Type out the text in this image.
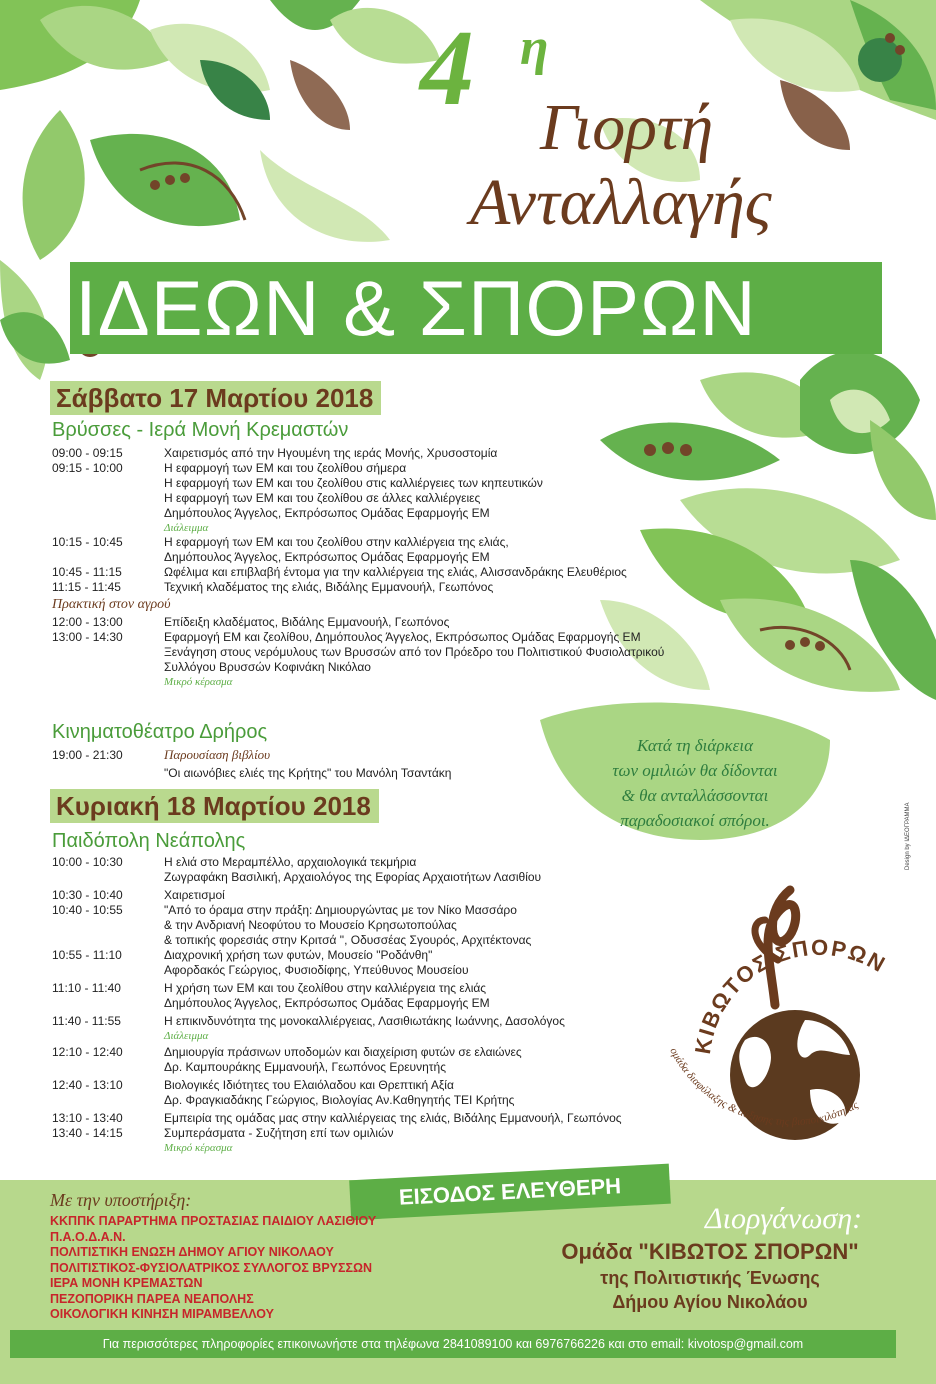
4 η
Γιορτή
Ανταλλαγής
ΙΔΕΩΝ & ΣΠΟΡΩΝ
Σάββατο 17 Μαρτίου 2018
Βρύσσες - Ιερά Μονή Κρεμαστών
09:00 - 09:15	Χαιρετισμός από την Ηγουμένη της ιεράς Μονής, Χρυσοστομία
09:15 - 10:00	Η εφαρμογή των ΕΜ και του ζεολίθου σήμερα
Η εφαρμογή των ΕΜ και του ζεολίθου στις καλλιέργειες των κηπευτικών
Η εφαρμογή των ΕΜ και του ζεολίθου σε άλλες καλλιέργειες
Δημόπουλος Άγγελος, Εκπρόσωπος Ομάδας Εφαρμογής ΕΜ
Διάλειμμα
10:15 - 10:45	Η εφαρμογή των ΕΜ και του ζεολίθου στην καλλιέργεια της ελιάς,
Δημόπουλος Άγγελος, Εκπρόσωπος Ομάδας Εφαρμογής ΕΜ
10:45 - 11:15	Ωφέλιμα και επιβλαβή έντομα για την καλλιέργεια της ελιάς, Αλισσανδράκης Ελευθέριος
11:15 - 11:45	Τεχνική κλαδέματος της ελιάς, Βιδάλης Εμμανουήλ, Γεωπόνος
Πρακτική στον αγρού
12:00 - 13:00	Επίδειξη κλαδέματος, Βιδάλης Εμμανουήλ, Γεωπόνος
13:00 - 14:30	Εφαρμογή ΕΜ και ζεολίθου, Δημόπουλος Άγγελος, Εκπρόσωπος Ομάδας Εφαρμογής ΕΜ
Ξενάγηση στους νερόμυλους των Βρυσσών από τον Πρόεδρο του Πολιτιστικού Φυσιολατρικού
Συλλόγου Βρυσσών Κοφινάκη Νικόλαο
Μικρό κέρασμα
Κινηματοθέατρο Δρήρος
19:00 - 21:30	Παρουσίαση βιβλίου
"Οι αιωνόβιες ελιές της Κρήτης" του Μανόλη Τσαντάκη
Κυριακή 18 Μαρτίου 2018
Παιδόπολη Νεάπολης
10:00 - 10:30	Η ελιά στο Μεραμπέλλο, αρχαιολογικά τεκμήρια
Ζωγραφάκη Βασιλική, Αρχαιολόγος της Εφορίας Αρχαιοτήτων Λασιθίου
10:30 - 10:40	Χαιρετισμοί
10:40 - 10:55	"Από το όραμα στην πράξη: Δημιουργώντας με τον Νίκο Μασσάρο
& την Ανδριανή Νεοφύτου το Μουσείο Κρησωτοπούλας
& τοπικής φορεσιάς στην Κριτσά ", Οδυσσέας Σγουρός, Αρχιτέκτονας
10:55 - 11:10	Διαχρονική χρήση των φυτών, Μουσείο "Ροδάνθη"
Αφορδακός Γεώργιος, Φυσιοδίφης, Υπεύθυνος Μουσείου
11:10 - 11:40	Η χρήση των ΕΜ και του ζεολίθου στην καλλιέργεια της ελιάς
Δημόπουλος Άγγελος, Εκπρόσωπος Ομάδας Εφαρμογής ΕΜ
11:40 - 11:55	Η επικινδυνότητα της μονοκαλλιέργειας, Λασιθιωτάκης Ιωάννης, Δασολόγος
Διάλειμμα
12:10 - 12:40	Δημιουργία πράσινων υποδομών και διαχείριση φυτών σε ελαιώνες
Δρ. Καμπουράκης Εμμανουήλ, Γεωπόνος Ερευνητής
12:40 - 13:10	Βιολογικές Ιδιότητες του Ελαιόλαδου και Θρεπτική Αξία
Δρ. Φραγκιαδάκης Γεώργιος, Βιολογίας Αν.Καθηγητής ΤΕΙ Κρήτης
13:10 - 13:40	Εμπειρία της ομάδας μας στην καλλιέργειας της ελιάς, Βιδάλης Εμμανουήλ, Γεωπόνος
13:40 - 14:15	Συμπεράσματα - Συζήτηση επί των ομιλιών
Μικρό κέρασμα
Κατά τη διάρκεια
των ομιλιών θα δίδονται
& θα ανταλλάσσονται
παραδοσιακοί σπόροι.	Design by ΙΔΕΟΓΡΑΜΜΑ
ΚΙΒΩΤΟΣ ΣΠΟΡΩΝ
ομάδα διαφύλαξης & αύξησης της βιοποικιλότητας
ΕΙΣΟΔΟΣ ΕΛΕΥΘΕΡΗ
Με την υποστήριξη:
ΚΚΠΠΚ ΠΑΡΑΡΤΗΜΑ ΠΡΟΣΤΑΣΙΑΣ ΠΑΙΔΙΟΥ ΛΑΣΙΘΙΟΥ
Π.Α.Ο.Δ.Α.Ν.
ΠΟΛΙΤΙΣΤΙΚΗ ΕΝΩΣΗ ΔΗΜΟΥ ΑΓΙΟΥ ΝΙΚΟΛΑΟΥ
ΠΟΛΙΤΙΣΤΙΚΟΣ-ΦΥΣΙΟΛΑΤΡΙΚΟΣ ΣΥΛΛΟΓΟΣ ΒΡΥΣΣΩΝ
ΙΕΡΑ ΜΟΝΗ ΚΡΕΜΑΣΤΩΝ
ΠΕΖΟΠΟΡΙΚΗ ΠΑΡΕΑ ΝΕΑΠΟΛΗΣ
ΟΙΚΟΛΟΓΙΚΗ ΚΙΝΗΣΗ ΜΙΡΑΜΒΕΛΛΟΥ
Διοργάνωση:
Ομάδα "ΚΙΒΩΤΟΣ ΣΠΟΡΩΝ"
της Πολιτιστικής Ένωσης
Δήμου Αγίου Νικολάου
Για περισσότερες πληροφορίες επικοινωνήστε στα τηλέφωνα 2841089100 και 6976766226 και στο email: kivotosp@gmail.com
